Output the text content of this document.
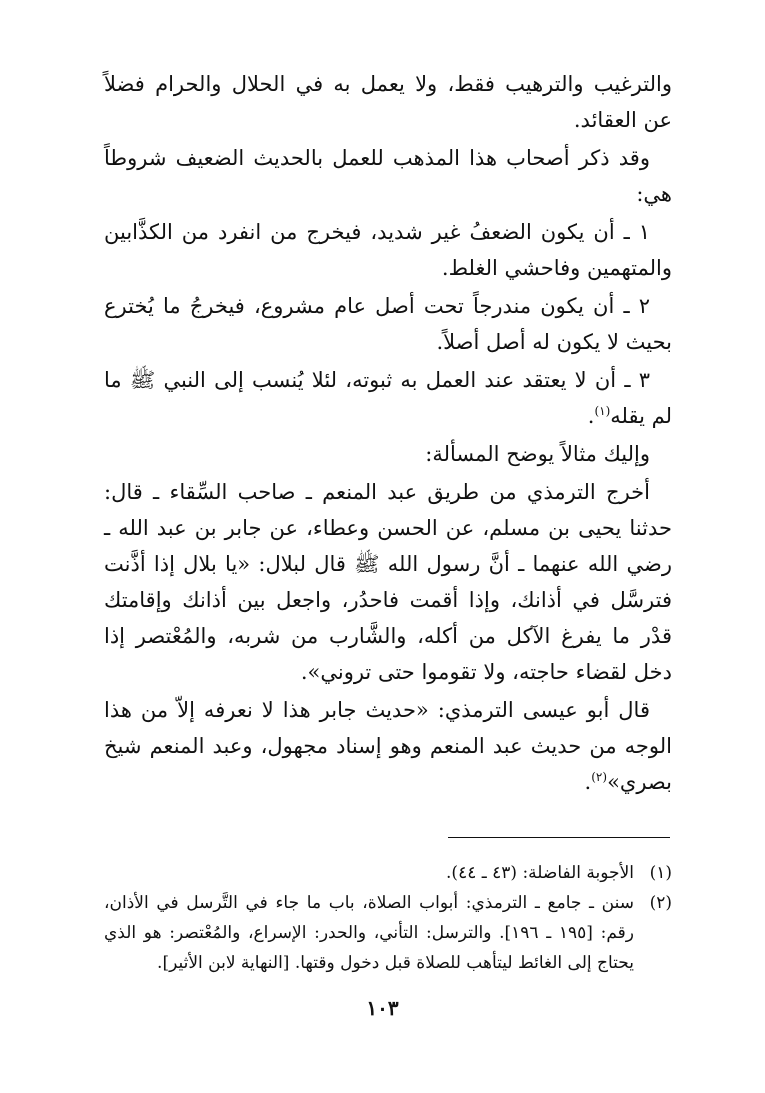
والترغيب والترهيب فقط، ولا يعمل به في الحلال والحرام فضلاً عن العقائد.

وقد ذكر أصحاب هذا المذهب للعمل بالحديث الضعيف شروطاً هي:

١ ـ أن يكون الضعفُ غير شديد، فيخرج من انفرد من الكذَّابين والمتهمين وفاحشي الغلط.

٢ ـ أن يكون مندرجاً تحت أصل عام مشروع، فيخرجُ ما يُخترع بحيث لا يكون له أصل أصلاً.

٣ ـ أن لا يعتقد عند العمل به ثبوته، لئلا يُنسب إلى النبي ﷺ ما لم يقله$^{(١)}$.

وإليك مثالاً يوضح المسألة:

أخرج الترمذي من طريق عبد المنعم ـ صاحب السِّقاء ـ قال: حدثنا يحيى بن مسلم، عن الحسن وعطاء، عن جابر بن عبد الله ـ رضي الله عنهما ـ أنَّ رسول الله ﷺ قال لبلال: «يا بلال إذا أذَّنت فترسَّل في أذانك، وإذا أقمت فاحدُر، واجعل بين أذانك وإقامتك قدْر ما يفرغ الآكل من أكله، والشَّارب من شربه، والمُعْتصر إذا دخل لقضاء حاجته، ولا تقوموا حتى تروني».

قال أبو عيسى الترمذي: «حديث جابر هذا لا نعرفه إلاّ من هذا الوجه من حديث عبد المنعم وهو إسناد مجهول، وعبد المنعم شيخ بصري»$^{(٢)}$.

(١)
الأجوبة الفاضلة: (٤٣ ـ ٤٤).
(٢)
سنن ـ جامع ـ الترمذي: أبواب الصلاة، باب ما جاء في التَّرسل في الأذان، رقم: [١٩٥ ـ ١٩٦]. والترسل: التأني، والحدر: الإسراع، والمُعْتصر: هو الذي يحتاج إلى الغائط ليتأهب للصلاة قبل دخول وقتها. [النهاية لابن الأثير].
١٠٣
